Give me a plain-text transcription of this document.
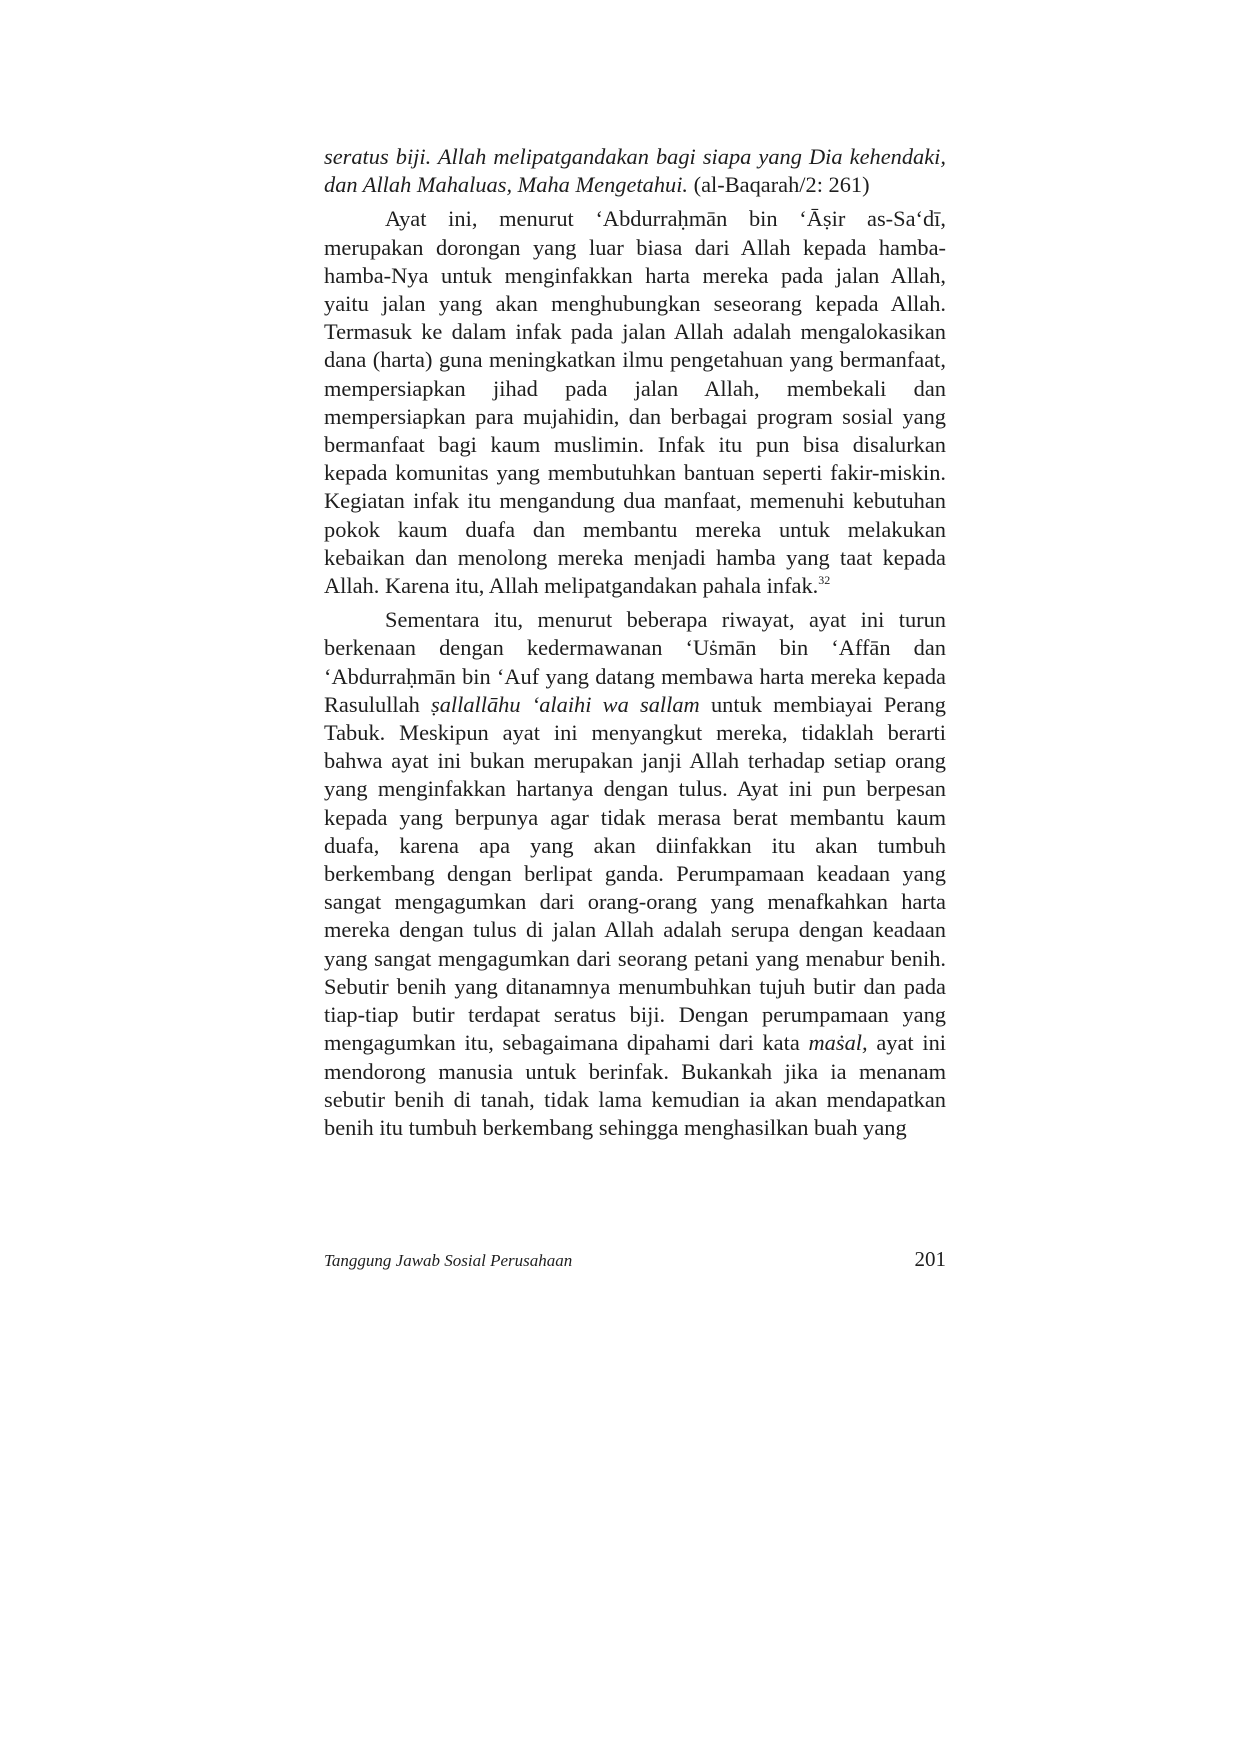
seratus biji. Allah melipatgandakan bagi siapa yang Dia kehendaki, dan Allah Mahaluas, Maha Mengetahui. (al-Baqarah/2: 261)

Ayat ini, menurut ‘Abdurraḥmān bin ‘Āṣir as-Sa‘dī, merupakan dorongan yang luar biasa dari Allah kepada hamba-hamba-Nya untuk menginfakkan harta mereka pada jalan Allah, yaitu jalan yang akan menghubungkan seseorang kepada Allah. Termasuk ke dalam infak pada jalan Allah adalah mengalokasikan dana (harta) guna meningkatkan ilmu pengetahuan yang bermanfaat, mempersiapkan jihad pada jalan Allah, membekali dan mempersiapkan para mujahidin, dan berbagai program sosial yang bermanfaat bagi kaum muslimin. Infak itu pun bisa disalurkan kepada komunitas yang membutuhkan bantuan seperti fakir-miskin. Kegiatan infak itu mengandung dua manfaat, memenuhi kebutuhan pokok kaum duafa dan membantu mereka untuk melakukan kebaikan dan menolong mereka menjadi hamba yang taat kepada Allah. Karena itu, Allah melipatgandakan pahala infak.$^{32}$

Sementara itu, menurut beberapa riwayat, ayat ini turun berkenaan dengan kedermawanan ‘Uṡmān bin ‘Affān dan ‘Abdurraḥmān bin ‘Auf yang datang membawa harta mereka kepada Rasulullah ṣallallāhu ‘alaihi wa sallam untuk membiayai Perang Tabuk. Meskipun ayat ini menyangkut mereka, tidaklah berarti bahwa ayat ini bukan merupakan janji Allah terhadap setiap orang yang menginfakkan hartanya dengan tulus. Ayat ini pun berpesan kepada yang berpunya agar tidak merasa berat membantu kaum duafa, karena apa yang akan diinfakkan itu akan tumbuh berkembang dengan berlipat ganda. Perumpamaan keadaan yang sangat mengagumkan dari orang-orang yang menafkahkan harta mereka dengan tulus di jalan Allah adalah serupa dengan keadaan yang sangat mengagumkan dari seorang petani yang menabur benih. Sebutir benih yang ditanamnya menumbuhkan tujuh butir dan pada tiap-tiap butir terdapat seratus biji. Dengan perumpamaan yang mengagumkan itu, sebagaimana dipahami dari kata maṡal, ayat ini mendorong manusia untuk berinfak. Bukankah jika ia menanam sebutir benih di tanah, tidak lama kemudian ia akan mendapatkan benih itu tumbuh berkembang sehingga menghasilkan buah yang

Tanggung Jawab Sosial Perusahaan	201
